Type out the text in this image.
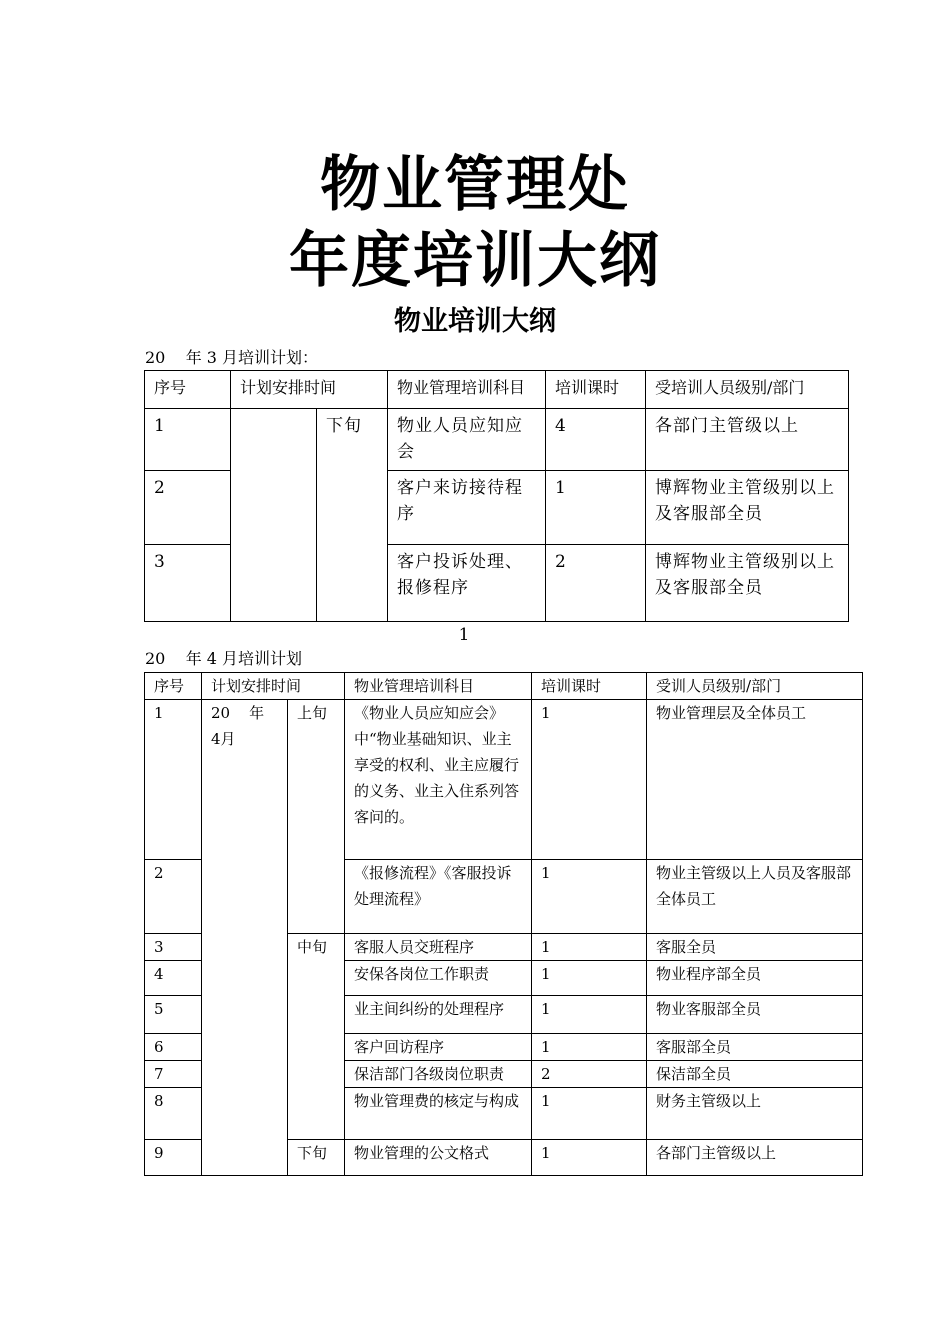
物业管理处
年度培训大纲
物业培训大纲
20    年 3 月培训计划：
序号	计划安排时间		物业管理培训科目	培训课时	受培训人员级别/部门
1		下旬	物业人员应知应会	4	各部门主管级以上
2			客户来访接待程序	1	博辉物业主管级别以上及客服部全员
3			客户投诉处理、报修程序	2	博辉物业主管级别以上及客服部全员
1
20    年 4 月培训计划
序号	计划安排时间		物业管理培训科目	培训课时	受训人员级别/部门
1	20    年 4月	上旬	《物业人员应知应会》中“物业基础知识、业主享受的权利、业主应履行的义务、业主入住系列答客问的。	1	物业管理层及全体员工
2			《报修流程》《客服投诉处理流程》	1	物业主管级以上人员及客服部全体员工
3		中旬	客服人员交班程序	1	客服全员
4			安保各岗位工作职责	1	物业程序部全员
5			业主间纠纷的处理程序	1	物业客服部全员
6			客户回访程序	1	客服部全员
7			保洁部门各级岗位职责	2	保洁部全员
8			物业管理费的核定与构成	1	财务主管级以上
9		下旬	物业管理的公文格式	1	各部门主管级以上
